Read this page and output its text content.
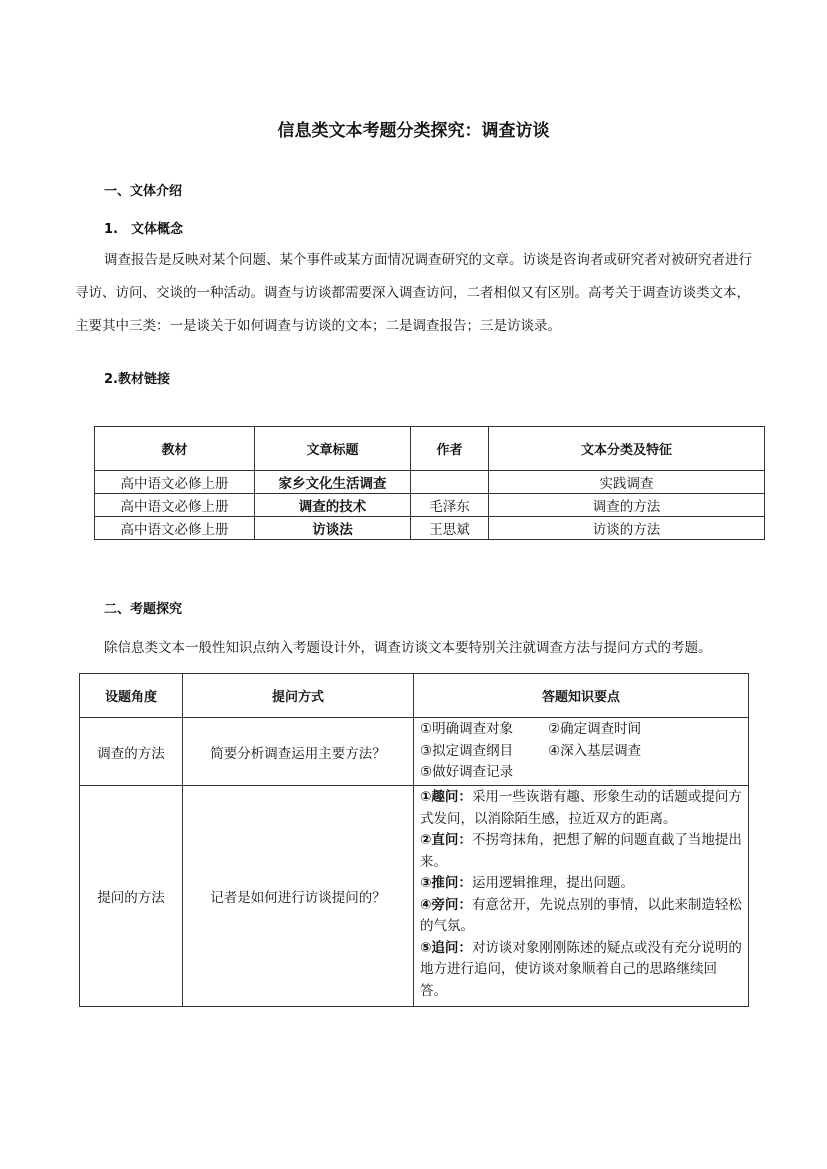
信息类文本考题分类探究：调查访谈
一、文体介绍
1.　文体概念
调查报告是反映对某个问题、某个事件或某方面情况调查研究的文章。访谈是咨询者或研究者对被研究者进行寻访、访问、交谈的一种活动。调查与访谈都需要深入调查访问，二者相似又有区别。高考关于调查访谈类文本，主要其中三类：一是谈关于如何调查与访谈的文本；二是调查报告；三是访谈录。
2.教材链接
教材	文章标题	作者	文本分类及特征
高中语文必修上册	家乡文化生活调查		实践调查
高中语文必修上册	调查的技术	毛泽东	调查的方法
高中语文必修上册	访谈法	王思斌	访谈的方法
二、考题探究
除信息类文本一般性知识点纳入考题设计外，调查访谈文本要特别关注就调查方法与提问方式的考题。
设题角度	提问方式	答题知识要点
调查的方法	简要分析调查运用主要方法？	①明确调查对象 ②确定调查时间
③拟定调查纲目 ④深入基层调查
⑤做好调查记录

提问的方法	记者是如何进行访谈提问的？	①趣问：采用一些诙谐有趣、形象生动的话题或提问方式发问，以消除陌生感，拉近双方的距离。
②直问：不拐弯抹角，把想了解的问题直截了当地提出来。
③推问：运用逻辑推理，提出问题。
④旁问：有意岔开，先说点别的事情，以此来制造轻松的气氛。
⑤追问：对访谈对象刚刚陈述的疑点或没有充分说明的地方进行追问，使访谈对象顺着自己的思路继续回答。
